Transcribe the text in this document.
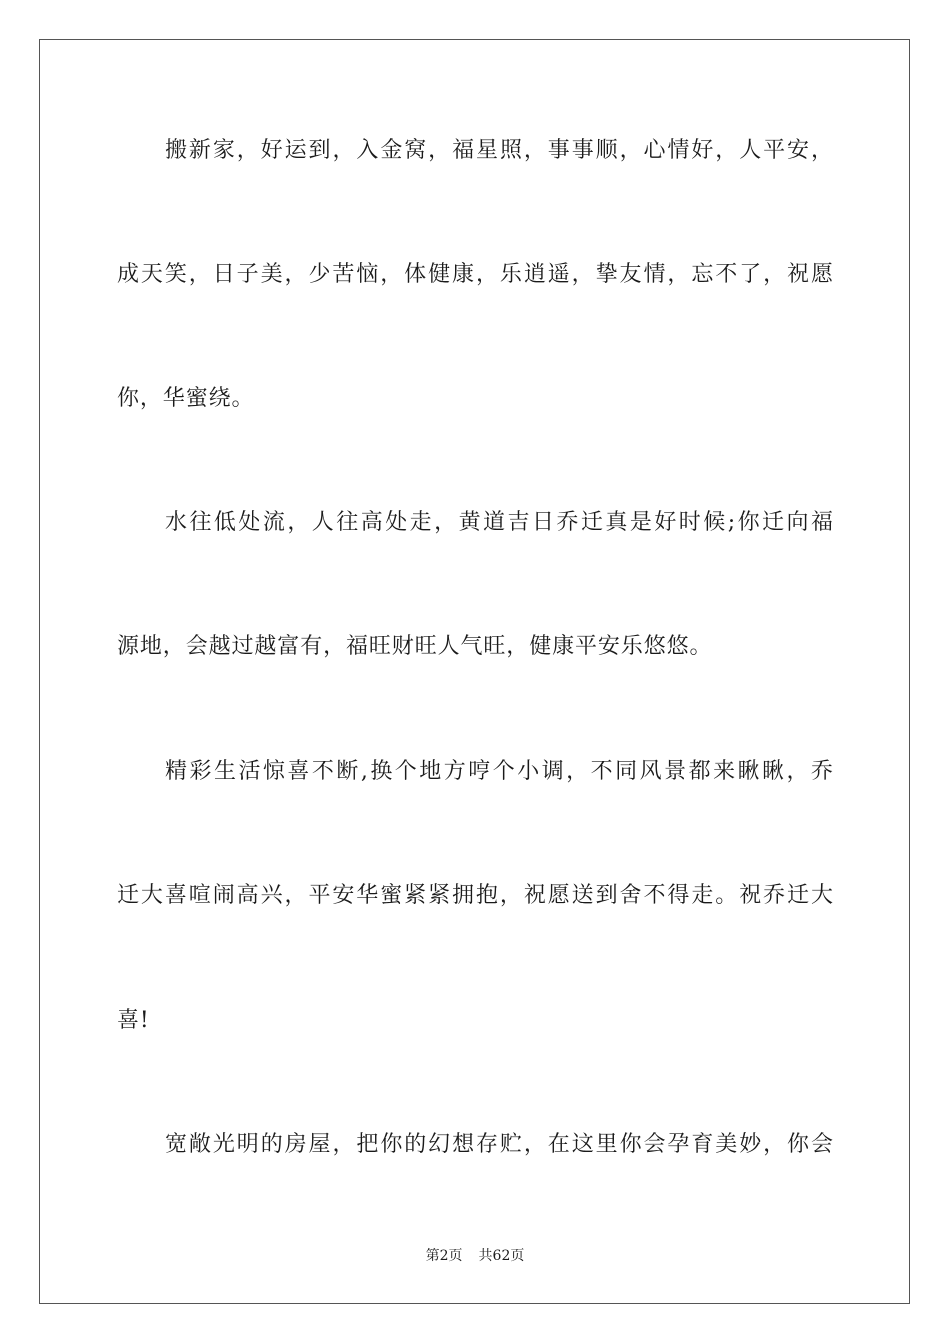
搬新家，好运到，入金窝，福星照，事事顺，心情好，人平安，
成天笑，日子美，少苦恼，体健康，乐逍遥，挚友情，忘不了，祝愿
你，华蜜绕。
水往低处流，人往高处走，黄道吉日乔迁真是好时候;你迁向福
源地，会越过越富有，福旺财旺人气旺，健康平安乐悠悠。
精彩生活惊喜不断,换个地方哼个小调，不同风景都来瞅瞅，乔
迁大喜喧闹高兴，平安华蜜紧紧拥抱，祝愿送到舍不得走。祝乔迁大
喜!
宽敞光明的房屋，把你的幻想存贮，在这里你会孕育美妙，你会
第2页 共62页
